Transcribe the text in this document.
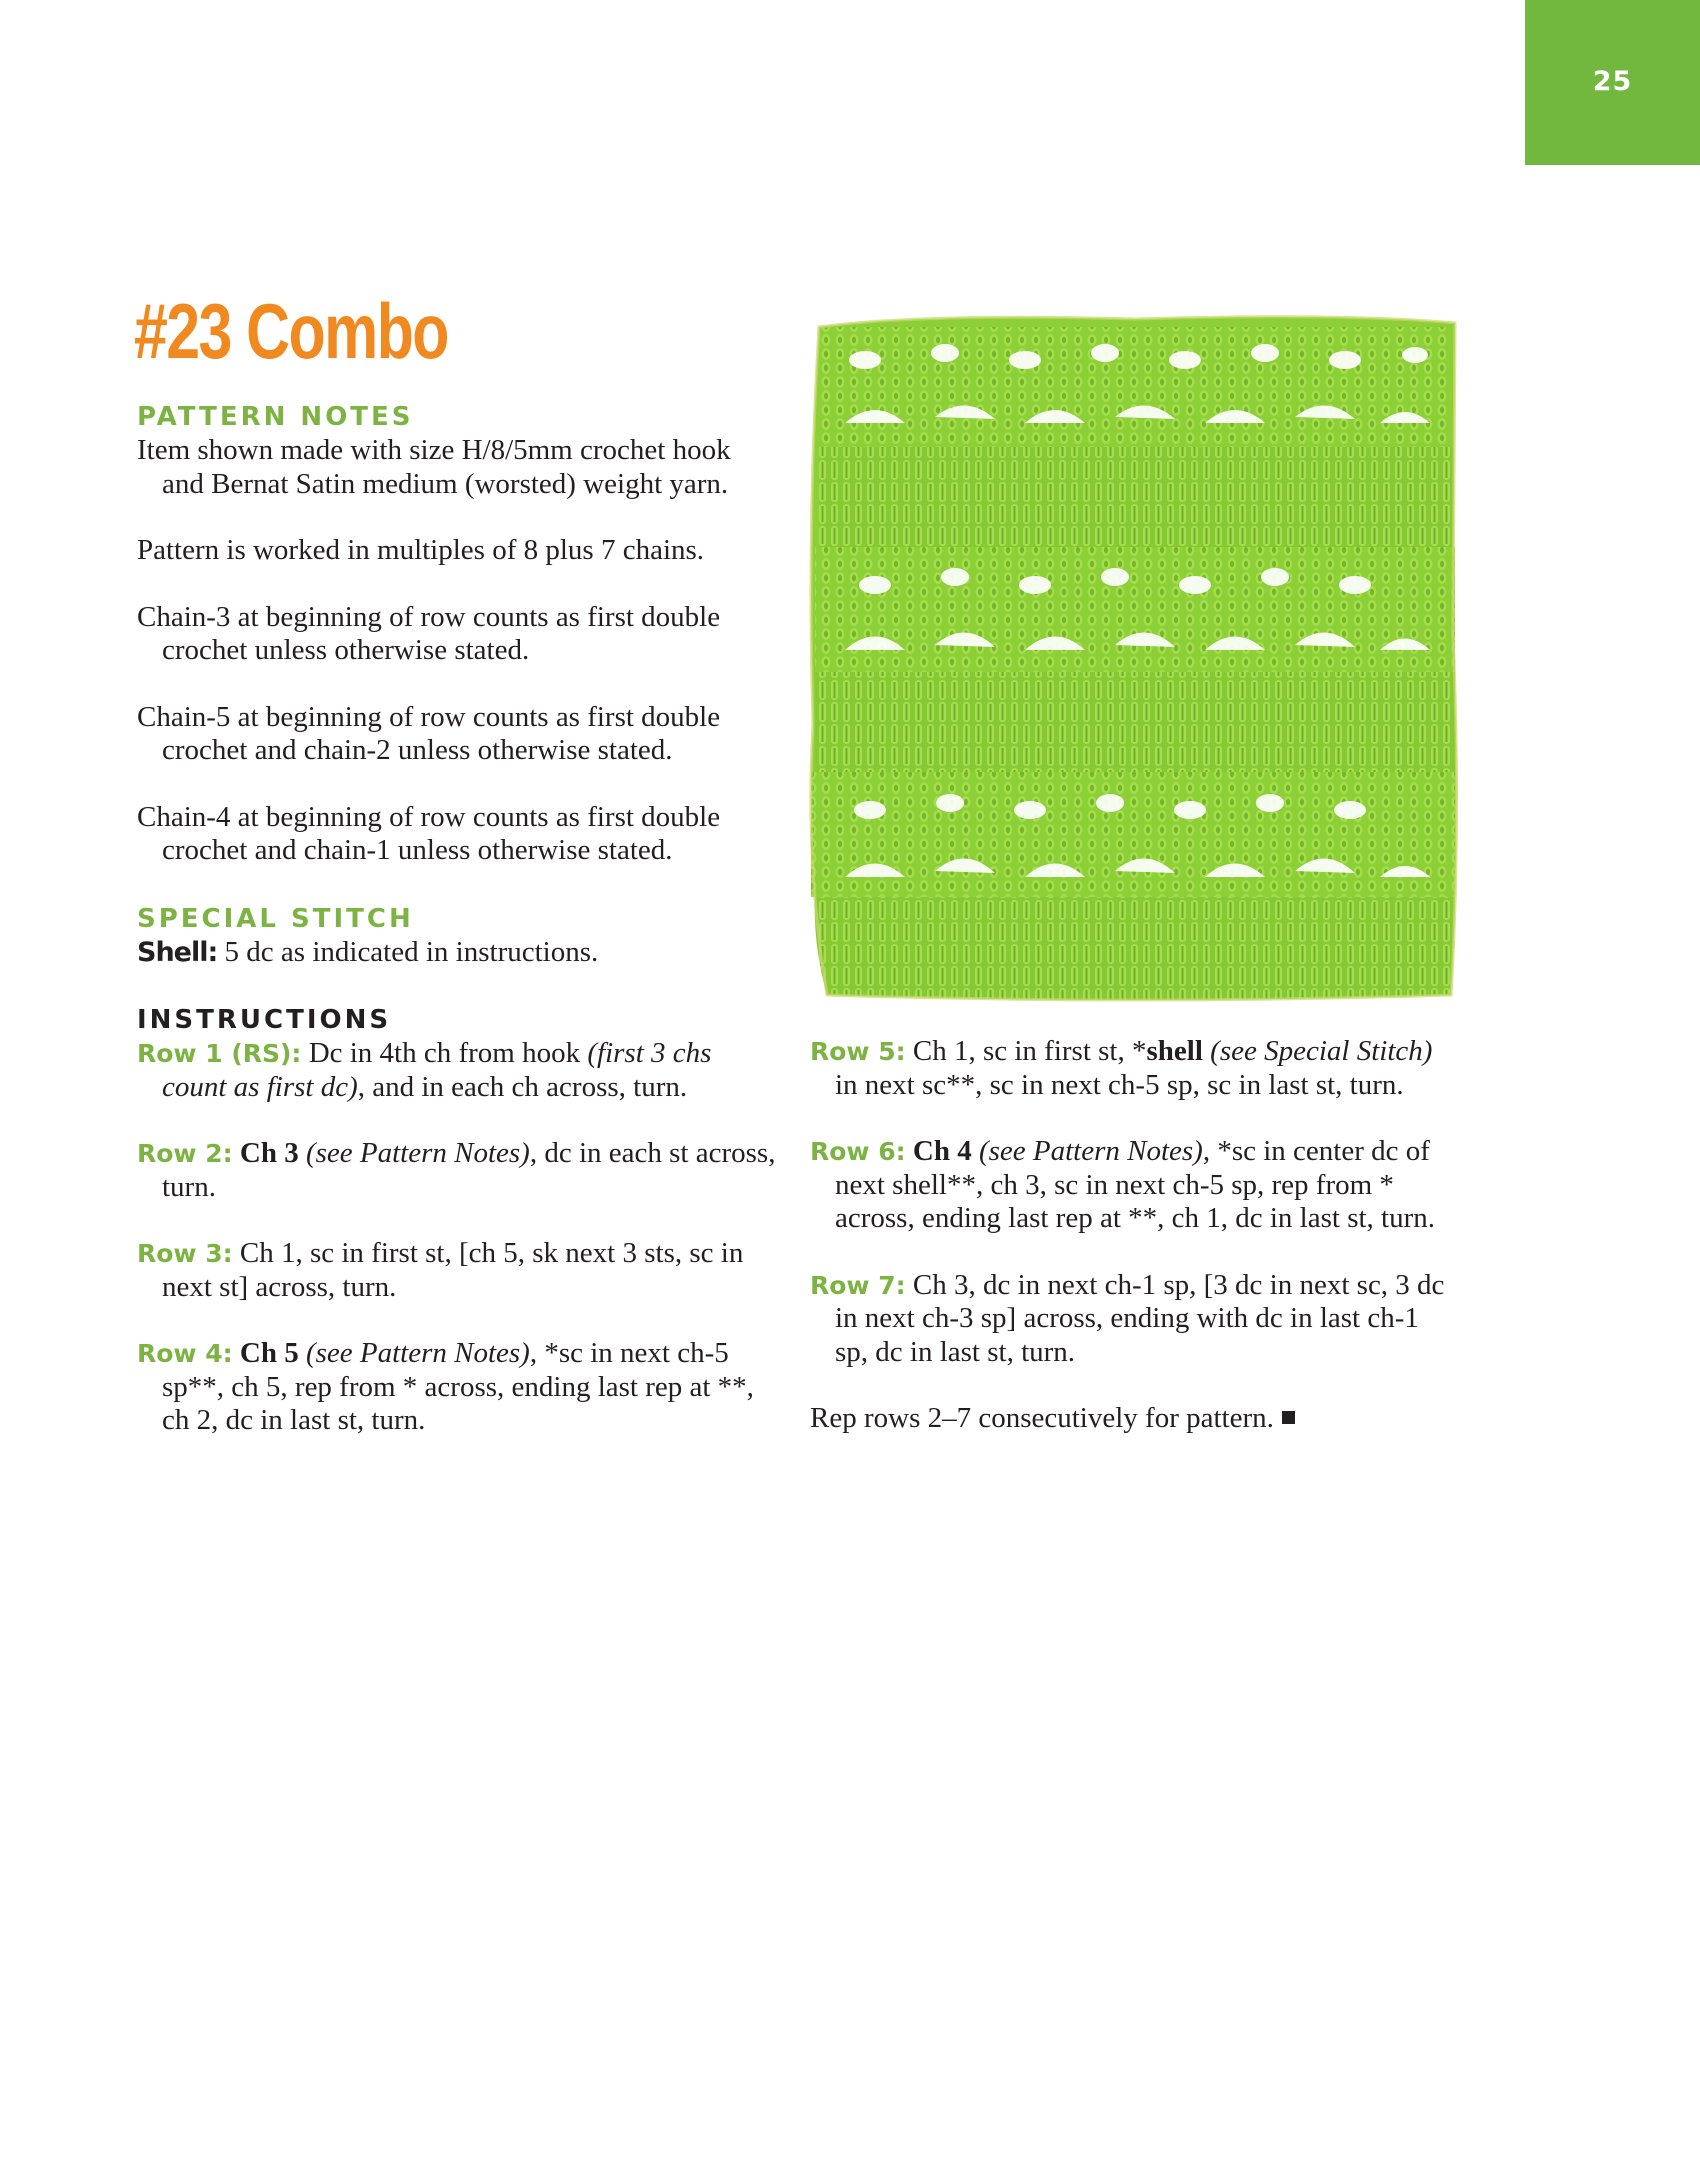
25
#23 Combo
PATTERN NOTES

Item shown made with size H/8/5mm crochet hook and Bernat Satin medium (worsted) weight yarn.

Pattern is worked in multiples of 8 plus 7 chains.

Chain-3 at beginning of row counts as first double crochet unless otherwise stated.

Chain-5 at beginning of row counts as first double crochet and chain-2 unless otherwise stated.

Chain-4 at beginning of row counts as first double crochet and chain-1 unless otherwise stated.

SPECIAL STITCH

Shell: 5 dc as indicated in instructions.

INSTRUCTIONS

Row 1 (RS): Dc in 4th ch from hook (first 3 chs count as first dc), and in each ch across, turn.

Row 2: Ch 3 (see Pattern Notes), dc in each st across, turn.

Row 3: Ch 1, sc in first st, [ch 5, sk next 3 sts, sc in next st] across, turn.

Row 4: Ch 5 (see Pattern Notes), *sc in next ch-5 sp**, ch 5, rep from * across, ending last rep at **, ch 2, dc in last st, turn.

Row 5: Ch 1, sc in first st, *shell (see Special Stitch) in next sc**, sc in next ch-5 sp, sc in last st, turn.

Row 6: Ch 4 (see Pattern Notes), *sc in center dc of next shell**, ch 3, sc in next ch-5 sp, rep from * across, ending last rep at **, ch 1, dc in last st, turn.

Row 7: Ch 3, dc in next ch-1 sp, [3 dc in next sc, 3 dc in next ch-3 sp] across, ending with dc in last ch-1 sp, dc in last st, turn.

Rep rows 2–7 consecutively for pattern.
